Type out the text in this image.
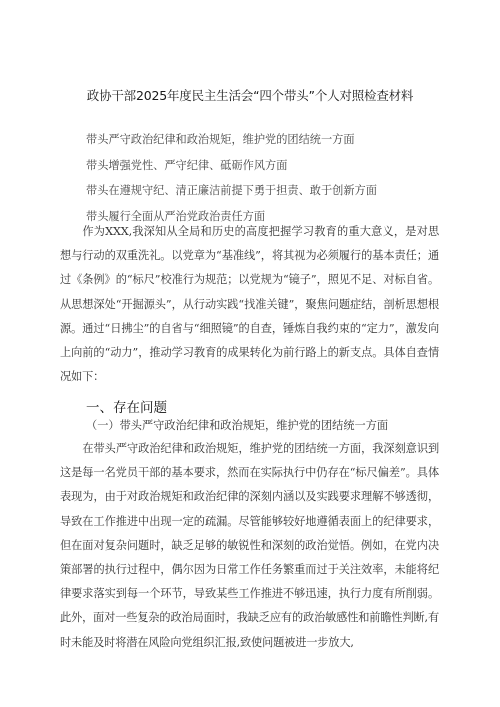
政协干部2025年度民主生活会“四个带头”个人对照检查材料
带头严守政治纪律和政治规矩，维护党的团结统一方面
带头增强党性、严守纪律、砥砺作风方面
带头在遵规守纪、清正廉洁前提下勇于担责、敢于创新方面
带头履行全面从严治党政治责任方面

作为XXX,我深知从全局和历史的高度把握学习教育的重大意义，是对思想与行动的双重洗礼。以党章为“基准线”，将其视为必须履行的基本责任；通过《条例》的“标尺”校准行为规范；以党规为“镜子”，照见不足、对标自省。从思想深处“开掘源头”，从行动实践“找准关键”，聚焦问题症结，剖析思想根源。通过“日拂尘”的自省与“细照镜”的自查，锤炼自我约束的“定力”，激发向上向前的“动力”，推动学习教育的成果转化为前行路上的新支点。具体自查情况如下：

一、存在问题
（一）带头严守政治纪律和政治规矩，维护党的团结统一方面

在带头严守政治纪律和政治规矩，维护党的团结统一方面，我深刻意识到这是每一名党员干部的基本要求，然而在实际执行中仍存在“标尺偏差”。具体表现为，由于对政治规矩和政治纪律的深刻内涵以及实践要求理解不够透彻，导致在工作推进中出现一定的疏漏。尽管能够较好地遵循表面上的纪律要求，但在面对复杂问题时，缺乏足够的敏锐性和深刻的政治觉悟。例如，在党内决策部署的执行过程中，偶尔因为日常工作任务繁重而过于关注效率，未能将纪律要求落实到每一个环节，导致某些工作推进不够迅速，执行力度有所削弱。此外，面对一些复杂的政治局面时，我缺乏应有的政治敏感性和前瞻性判断,有时未能及时将潜在风险向党组织汇报,致使问题被进一步放大,
